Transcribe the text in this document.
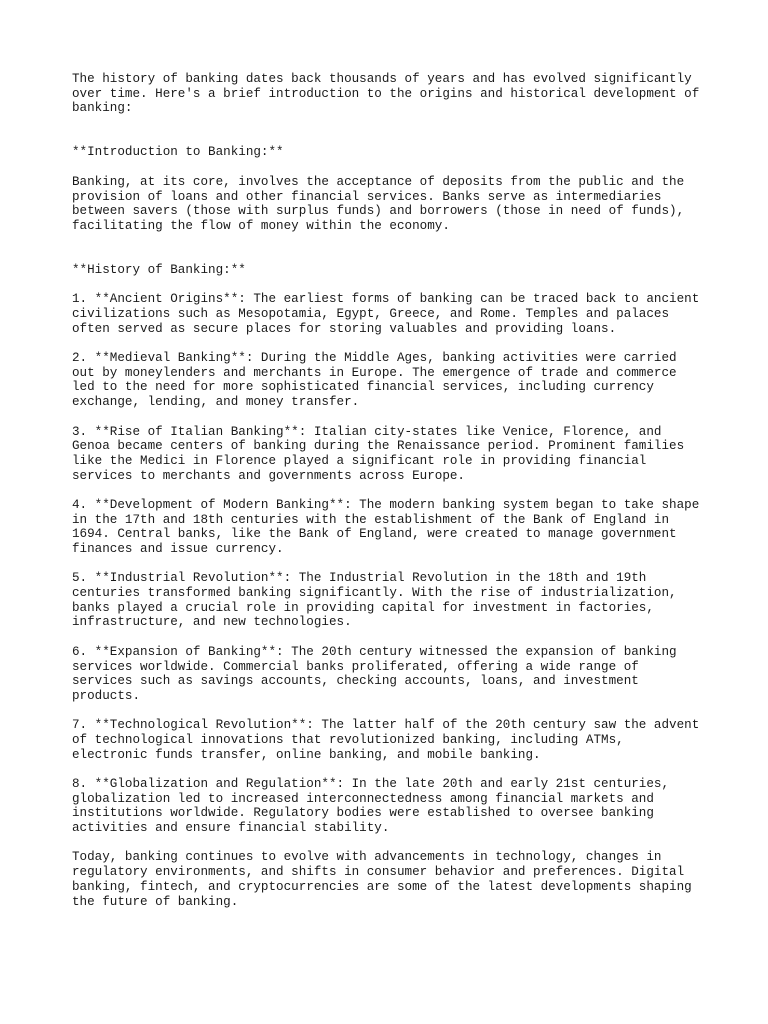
The history of banking dates back thousands of years and has evolved significantly
over time. Here's a brief introduction to the origins and historical development of
banking:
**Introduction to Banking:**
Banking, at its core, involves the acceptance of deposits from the public and the
provision of loans and other financial services. Banks serve as intermediaries
between savers (those with surplus funds) and borrowers (those in need of funds),
facilitating the flow of money within the economy.
**History of Banking:**
1. **Ancient Origins**: The earliest forms of banking can be traced back to ancient
civilizations such as Mesopotamia, Egypt, Greece, and Rome. Temples and palaces
often served as secure places for storing valuables and providing loans.
2. **Medieval Banking**: During the Middle Ages, banking activities were carried
out by moneylenders and merchants in Europe. The emergence of trade and commerce
led to the need for more sophisticated financial services, including currency
exchange, lending, and money transfer.
3. **Rise of Italian Banking**: Italian city-states like Venice, Florence, and
Genoa became centers of banking during the Renaissance period. Prominent families
like the Medici in Florence played a significant role in providing financial
services to merchants and governments across Europe.
4. **Development of Modern Banking**: The modern banking system began to take shape
in the 17th and 18th centuries with the establishment of the Bank of England in
1694. Central banks, like the Bank of England, were created to manage government
finances and issue currency.
5. **Industrial Revolution**: The Industrial Revolution in the 18th and 19th
centuries transformed banking significantly. With the rise of industrialization,
banks played a crucial role in providing capital for investment in factories,
infrastructure, and new technologies.
6. **Expansion of Banking**: The 20th century witnessed the expansion of banking
services worldwide. Commercial banks proliferated, offering a wide range of
services such as savings accounts, checking accounts, loans, and investment
products.
7. **Technological Revolution**: The latter half of the 20th century saw the advent
of technological innovations that revolutionized banking, including ATMs,
electronic funds transfer, online banking, and mobile banking.
8. **Globalization and Regulation**: In the late 20th and early 21st centuries,
globalization led to increased interconnectedness among financial markets and
institutions worldwide. Regulatory bodies were established to oversee banking
activities and ensure financial stability.
Today, banking continues to evolve with advancements in technology, changes in
regulatory environments, and shifts in consumer behavior and preferences. Digital
banking, fintech, and cryptocurrencies are some of the latest developments shaping
the future of banking.
